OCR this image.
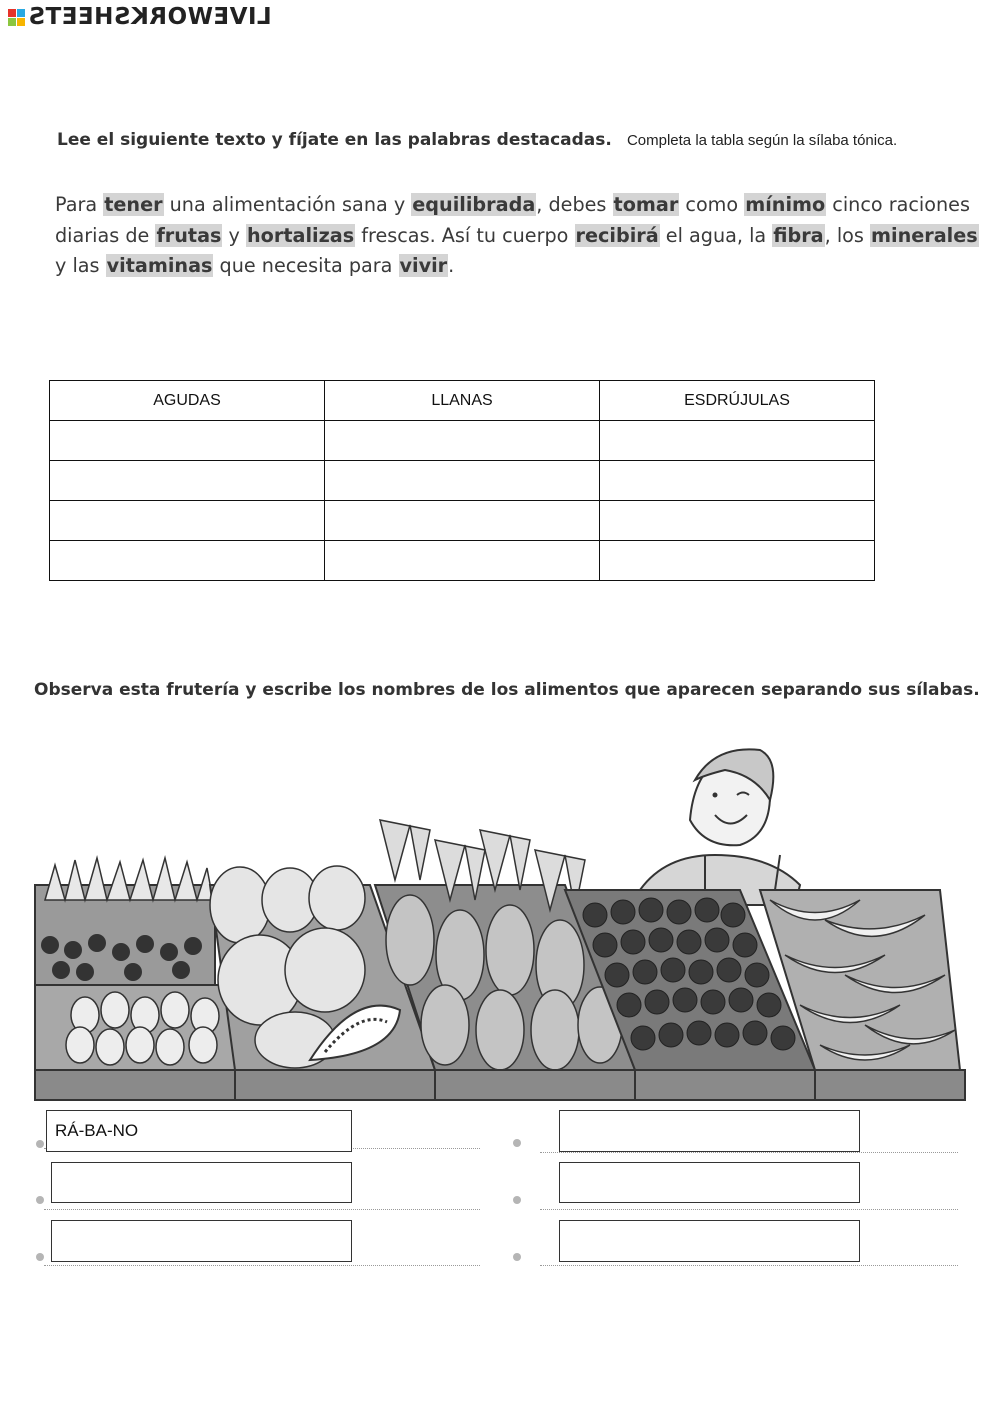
LIVEWORKSHEETS
Lee el siguiente texto y fíjate en las palabras destacadas. Completa la tabla según la sílaba tónica.
Para tener una alimentación sana y equilibrada, debes tomar como mínimo cinco raciones
diarias de frutas y hortalizas frescas. Así tu cuerpo recibirá el agua, la fibra, los minerales
y las vitaminas que necesita para vivir.
AGUDAS	LLANAS	ESDRÚJULAS

Observa esta frutería y escribe los nombres de los alimentos que aparecen separando sus sílabas.
RÁ-BA-NO
